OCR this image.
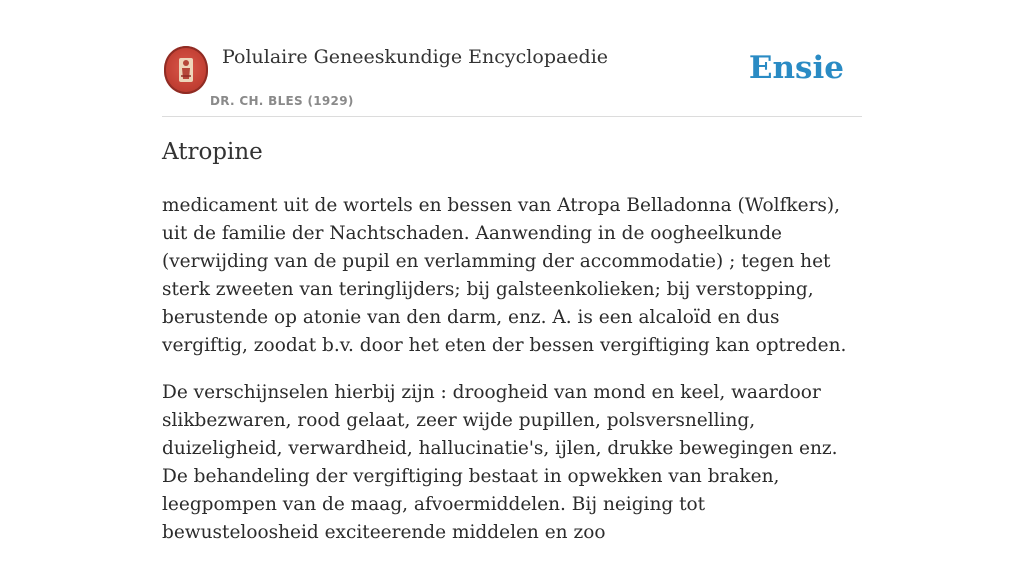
Polulaire Geneeskundige Encyclopaedie
DR. CH. BLES (1929)
Ensie
Atropine

medicament uit de wortels en bessen van Atropa Belladonna (Wolfkers), uit de familie der Nachtschaden. Aanwending in de oogheelkunde (verwijding van de pupil en verlamming der accommodatie) ; tegen het sterk zweeten van teringlijders; bij galsteenkolieken; bij verstopping, berustende op atonie van den darm, enz. A. is een alcaloïd en dus vergiftig, zoodat b.v. door het eten der bessen vergiftiging kan optreden.

De verschijnselen hierbij zijn : droogheid van mond en keel, waardoor slikbezwaren, rood gelaat, zeer wijde pupillen, polsversnelling, duizeligheid, verwardheid, hallucinatie's, ijlen, drukke bewegingen enz. De behandeling der vergiftiging bestaat in opwekken van braken, leegpompen van de maag, afvoermiddelen. Bij neiging tot bewusteloosheid exciteerende middelen en zoo
